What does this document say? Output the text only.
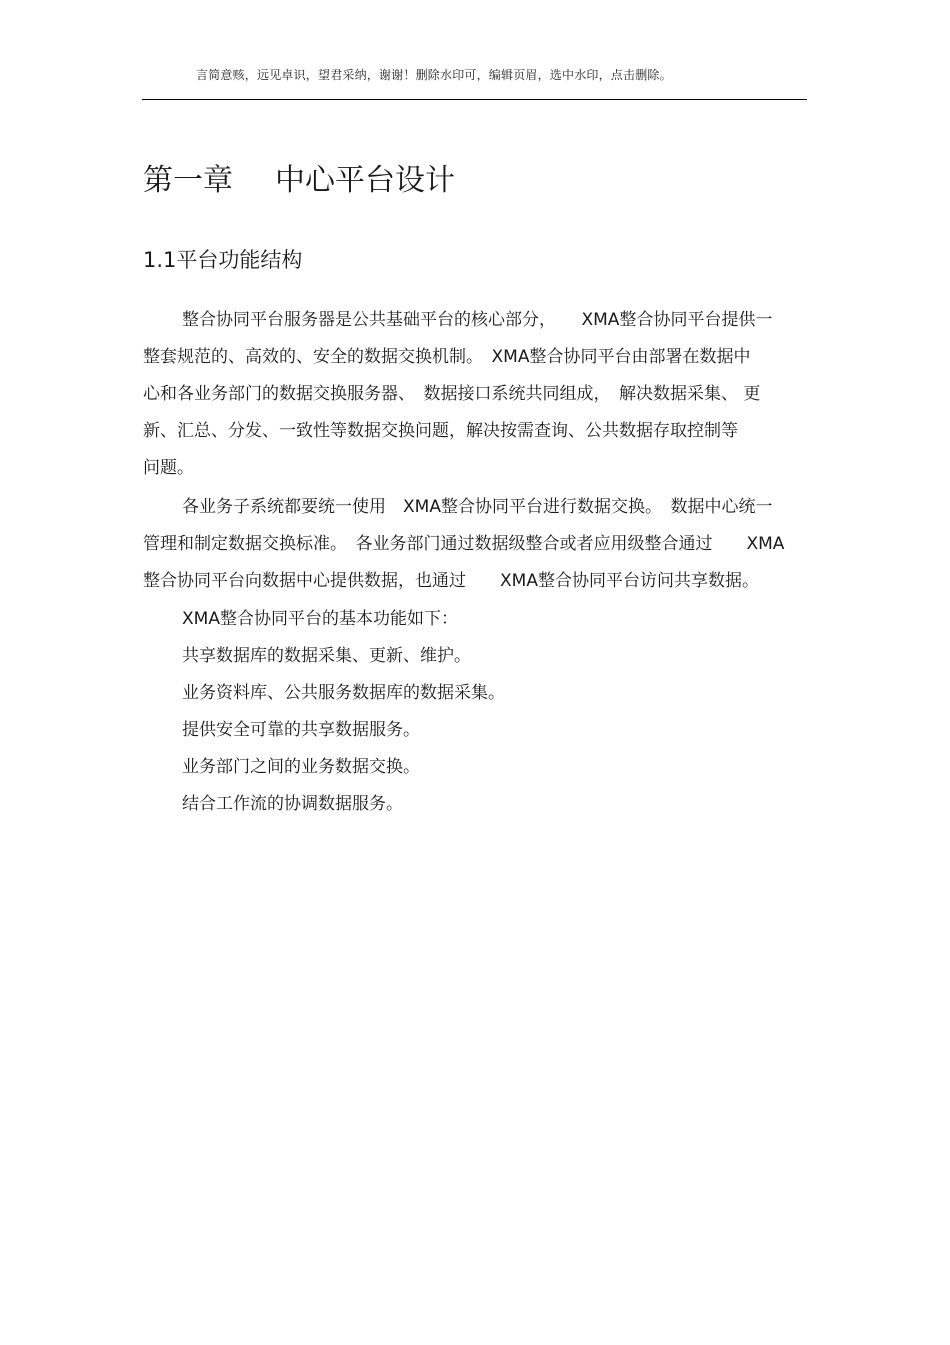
言简意赅，远见卓识，望君采纳，谢谢！删除水印可，编辑页眉，选中水印，点击删除。
第一章 中心平台设计
1.1平台功能结构
整合协同平台服务器是公共基础平台的核心部分，　　XMA整合协同平台提供一
整套规范的、高效的、安全的数据交换机制。　XMA整合协同平台由部署在数据中
心和各业务部门的数据交换服务器、　数据接口系统共同组成，　解决数据采集、 更
新、汇总、分发、一致性等数据交换问题，解决按需查询、公共数据存取控制等
问题。
各业务子系统都要统一使用　XMA整合协同平台进行数据交换。　数据中心统一
管理和制定数据交换标准。　各业务部门通过数据级整合或者应用级整合通过　　XMA
整合协同平台向数据中心提供数据，也通过　　XMA整合协同平台访问共享数据。
XMA整合协同平台的基本功能如下：
共享数据库的数据采集、更新、维护。
业务资料库、公共服务数据库的数据采集。
提供安全可靠的共享数据服务。
业务部门之间的业务数据交换。
结合工作流的协调数据服务。
